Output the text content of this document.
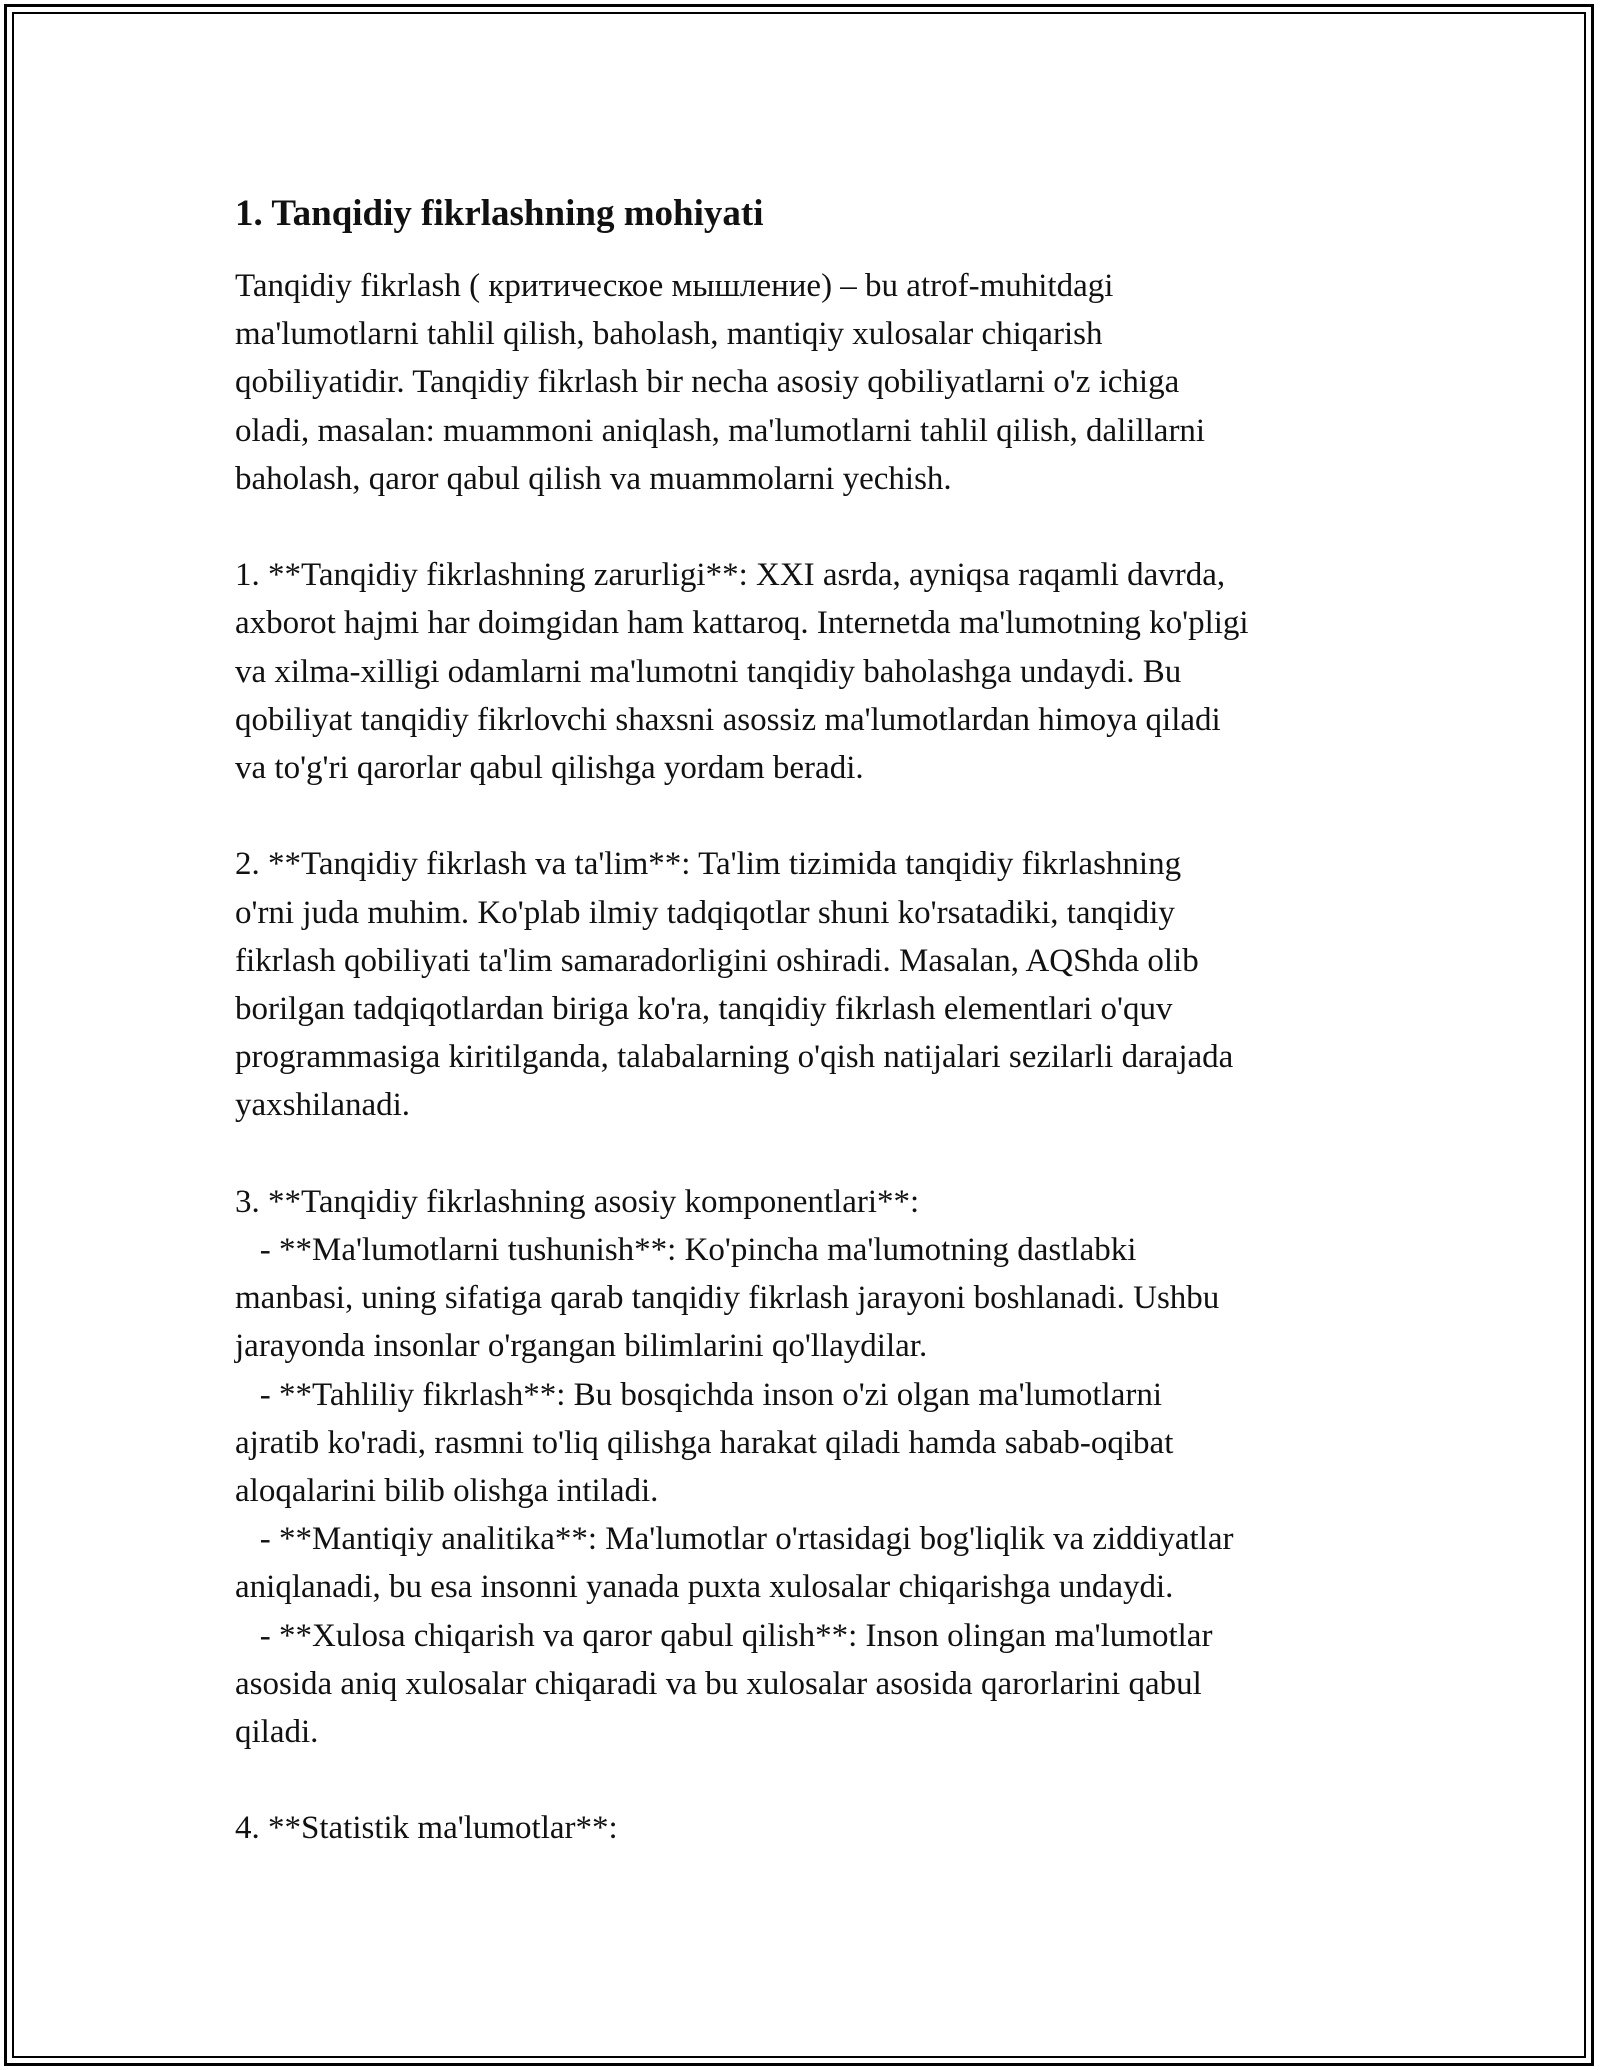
1. Tanqidiy fikrlashning mohiyati

Tanqidiy fikrlash ( критическое мышление) – bu atrof-muhitdagi
ma'lumotlarni tahlil qilish, baholash, mantiqiy xulosalar chiqarish
qobiliyatidir. Tanqidiy fikrlash bir necha asosiy qobiliyatlarni o'z ichiga
oladi, masalan: muammoni aniqlash, ma'lumotlarni tahlil qilish, dalillarni
baholash, qaror qabul qilish va muammolarni yechish.

1. **Tanqidiy fikrlashning zarurligi**: XXI asrda, ayniqsa raqamli davrda,
axborot hajmi har doimgidan ham kattaroq. Internetda ma'lumotning ko'pligi
va xilma-xilligi odamlarni ma'lumotni tanqidiy baholashga undaydi. Bu
qobiliyat tanqidiy fikrlovchi shaxsni asossiz ma'lumotlardan himoya qiladi
va to'g'ri qarorlar qabul qilishga yordam beradi.

2. **Tanqidiy fikrlash va ta'lim**: Ta'lim tizimida tanqidiy fikrlashning
o'rni juda muhim. Ko'plab ilmiy tadqiqotlar shuni ko'rsatadiki, tanqidiy
fikrlash qobiliyati ta'lim samaradorligini oshiradi. Masalan, AQShda olib
borilgan tadqiqotlardan biriga ko'ra, tanqidiy fikrlash elementlari o'quv
programmasiga kiritilganda, talabalarning o'qish natijalari sezilarli darajada
yaxshilanadi.

3. **Tanqidiy fikrlashning asosiy komponentlari**:
- **Ma'lumotlarni tushunish**: Ko'pincha ma'lumotning dastlabki
manbasi, uning sifatiga qarab tanqidiy fikrlash jarayoni boshlanadi. Ushbu
jarayonda insonlar o'rgangan bilimlarini qo'llaydilar.
- **Tahliliy fikrlash**: Bu bosqichda inson o'zi olgan ma'lumotlarni
ajratib ko'radi, rasmni to'liq qilishga harakat qiladi hamda sabab-oqibat
aloqalarini bilib olishga intiladi.
- **Mantiqiy analitika**: Ma'lumotlar o'rtasidagi bog'liqlik va ziddiyatlar
aniqlanadi, bu esa insonni yanada puxta xulosalar chiqarishga undaydi.
- **Xulosa chiqarish va qaror qabul qilish**: Inson olingan ma'lumotlar
asosida aniq xulosalar chiqaradi va bu xulosalar asosida qarorlarini qabul
qiladi.

4. **Statistik ma'lumotlar**:
